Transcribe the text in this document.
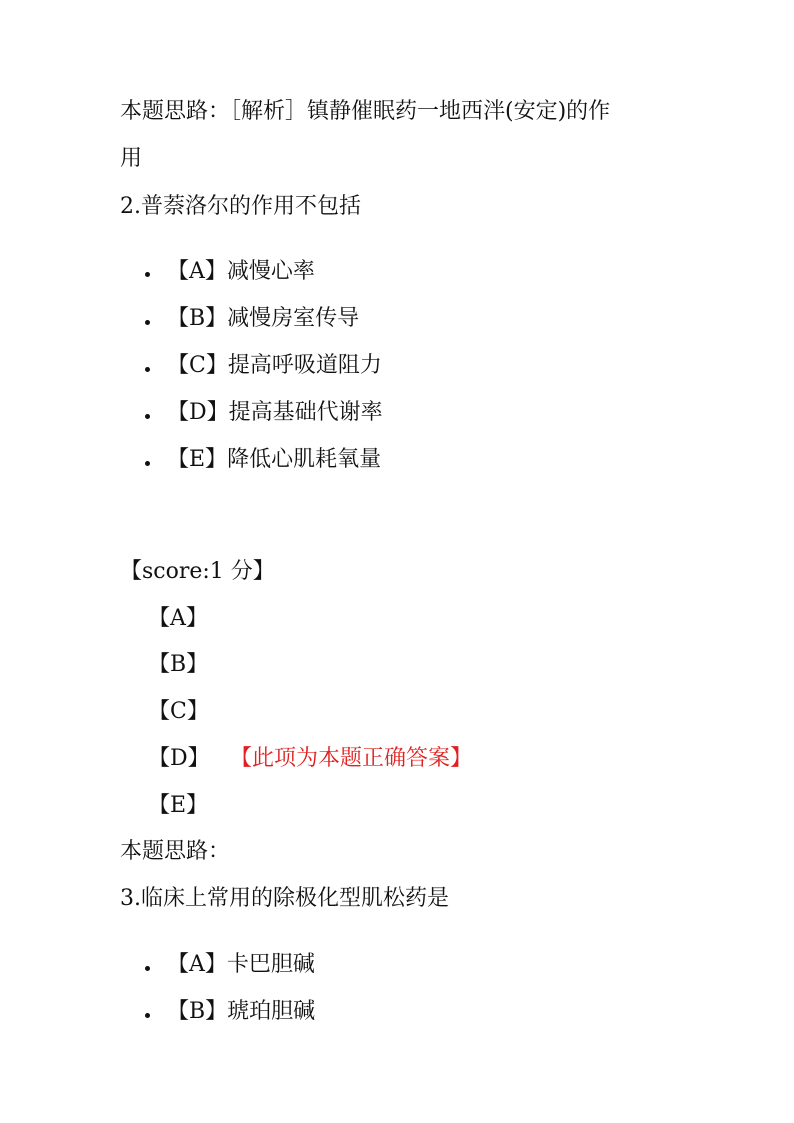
本题思路：［解析］镇静催眠药一地西泮(安定)的作
用
2.普萘洛尔的作用不包括
【A】减慢心率
【B】减慢房室传导
【C】提高呼吸道阻力
【D】提高基础代谢率
【E】降低心肌耗氧量
【score:1 分】
【A】
【B】
【C】
【D】 【此项为本题正确答案】
【E】
本题思路：
3.临床上常用的除极化型肌松药是
【A】卡巴胆碱
【B】琥珀胆碱
